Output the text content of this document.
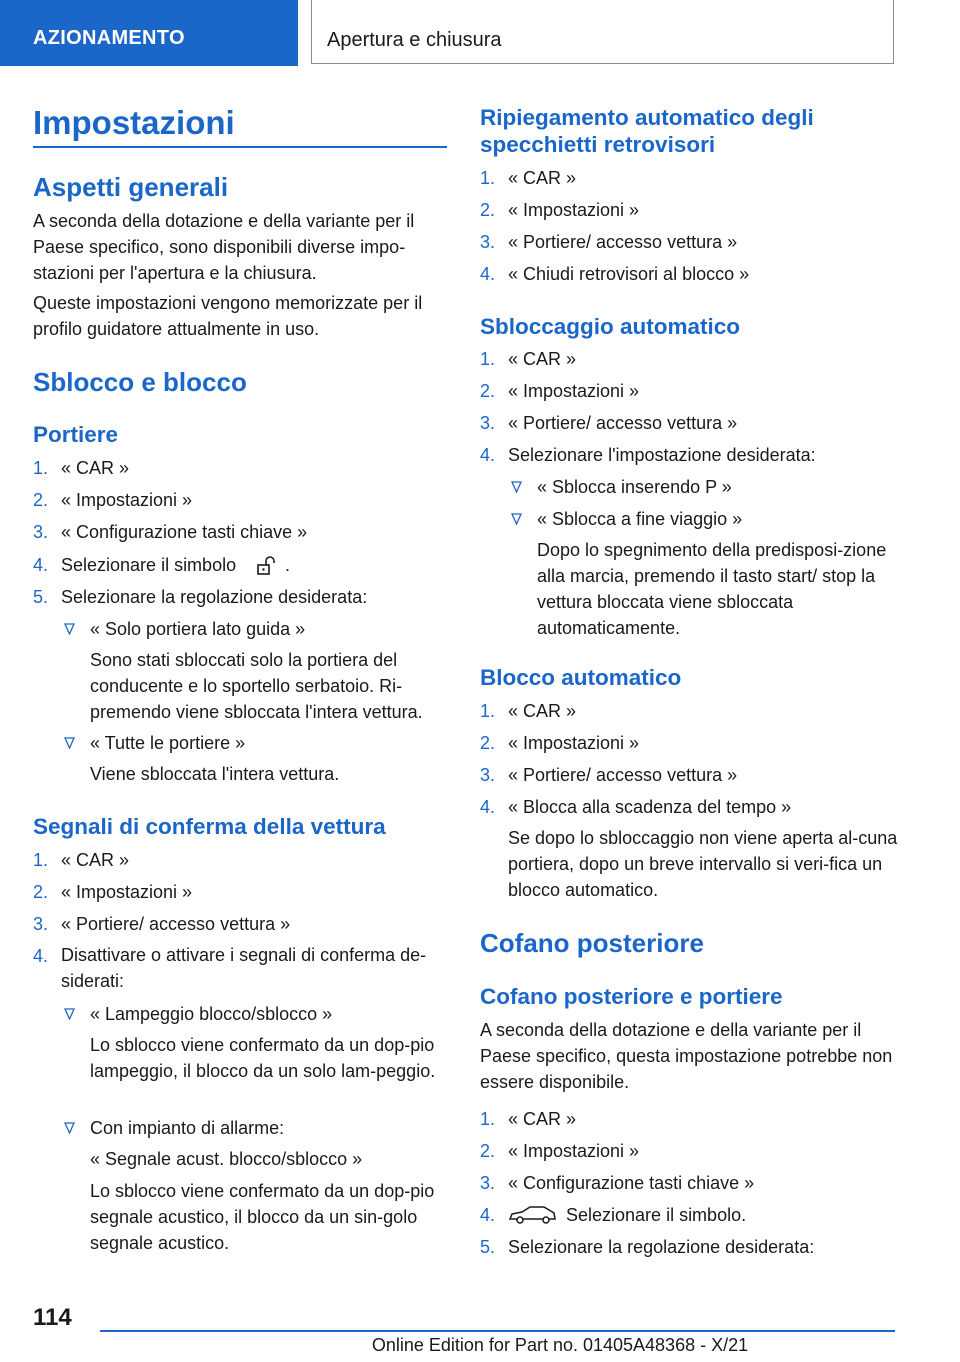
AZIONAMENTO	Apertura e chiusura
Impostazioni
Aspetti generali
A seconda della dotazione e della variante per il Paese specifico, sono disponibili diverse impo-stazioni per l'apertura e la chiusura.
Queste impostazioni vengono memorizzate per il profilo guidatore attualmente in uso.
Sblocco e blocco
Portiere
1. « CAR »
2. « Impostazioni »
3. « Configurazione tasti chiave »
4. Selezionare il simbolo	.
5. Selezionare la regolazione desiderata:
« Solo portiera lato guida »
Sono stati sbloccati solo la portiera del conducente e lo sportello serbatoio. Ri-premendo viene sbloccata l'intera vettura.
« Tutte le portiere »
Viene sbloccata l'intera vettura.
Segnali di conferma della vettura
1. « CAR »
2. « Impostazioni »
3. « Portiere/ accesso vettura »
4. Disattivare o attivare i segnali di conferma de-siderati:
« Lampeggio blocco/sblocco »
Lo sblocco viene confermato da un dop-pio lampeggio, il blocco da un solo lam-peggio.
Con impianto di allarme:
« Segnale acust. blocco/sblocco »
Lo sblocco viene confermato da un dop-pio segnale acustico, il blocco da un sin-golo segnale acustico.
Ripiegamento automatico degli specchietti retrovisori
1. « CAR »
2. « Impostazioni »
3. « Portiere/ accesso vettura »
4. « Chiudi retrovisori al blocco »
Sbloccaggio automatico
1. « CAR »
2. « Impostazioni »
3. « Portiere/ accesso vettura »
4. Selezionare l'impostazione desiderata:
« Sblocca inserendo P »
« Sblocca a fine viaggio »
Dopo lo spegnimento della predisposi-zione alla marcia, premendo il tasto start/ stop la vettura bloccata viene sbloccata automaticamente.
Blocco automatico
1. « CAR »
2. « Impostazioni »
3. « Portiere/ accesso vettura »
4. « Blocca alla scadenza del tempo »
Se dopo lo sbloccaggio non viene aperta al-cuna portiera, dopo un breve intervallo si veri-fica un blocco automatico.
Cofano posteriore
Cofano posteriore e portiere
A seconda della dotazione e della variante per il Paese specifico, questa impostazione potrebbe non essere disponibile.
1. « CAR »
2. « Impostazioni »
3. « Configurazione tasti chiave »
4.	Selezionare il simbolo.
5. Selezionare la regolazione desiderata:
114
Online Edition for Part no. 01405A48368 - X/21
